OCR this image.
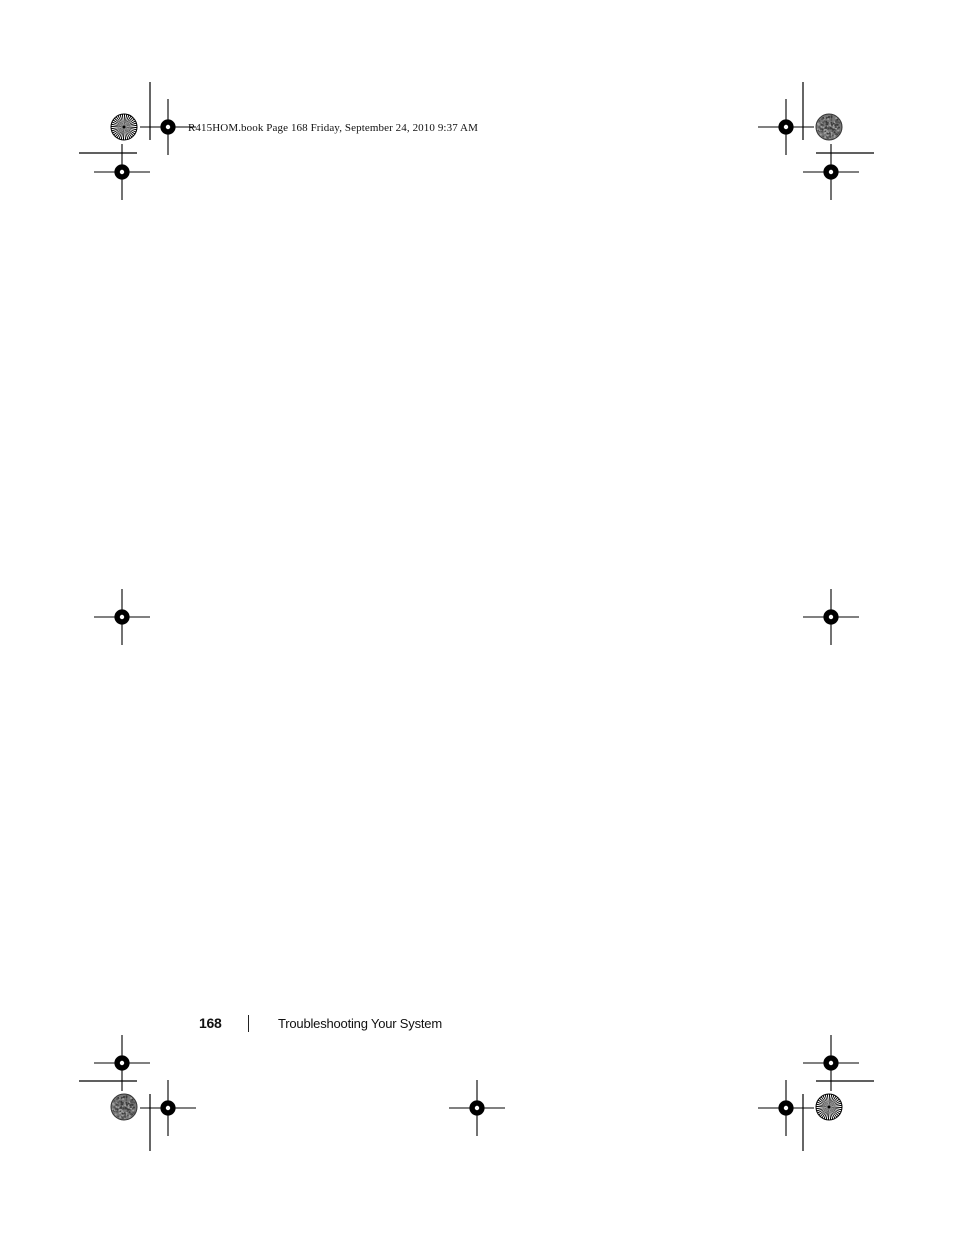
R415HOM.book Page 168 Friday, September 24, 2010 9:37 AM
168	Troubleshooting Your System
